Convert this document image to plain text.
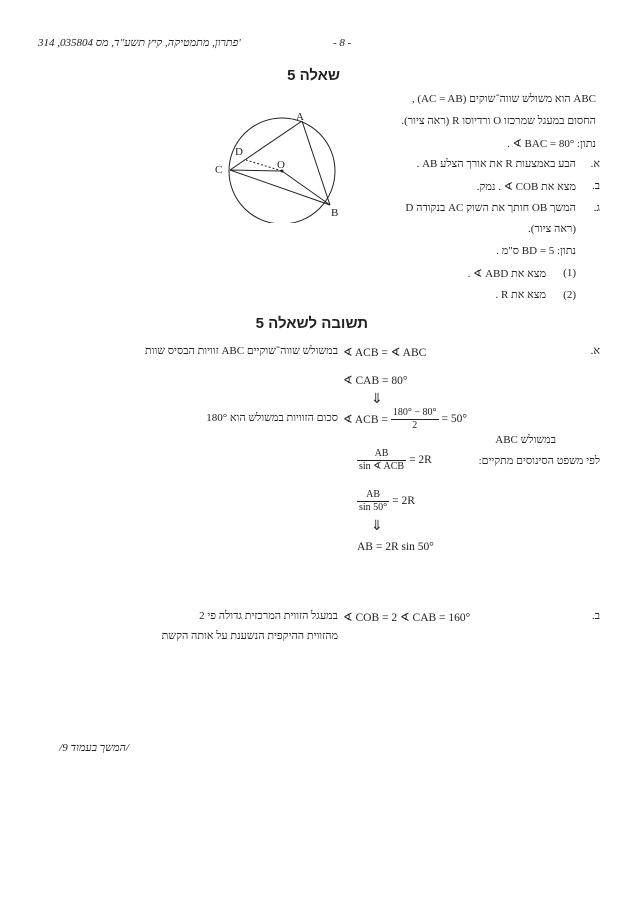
314 ,035804 פתרון, מתמטיקה, קיץ תשע"ד, מס'	- 8 -
שאלה 5
ABC הוא משולש שווה־שוקים (AC = AB) ,
החסום במעגל שמרכזו O ורדיוסו R (ראה ציור).
נתון: BAC = 80° ∢ .
א.
הבע באמצעות R את אורך הצלע AB .
ב.
מצא את COB ∢ . נמק.
ג.
המשך OB חותך את השוק AC בנקודה D
(ראה ציור).
נתון: BD = 5 ס"מ .
(1)
מצא את ABD ∢ .
(2)
מצא את R .
A
B
C
D
O
תשובה לשאלה 5
א.
∢ ACB = ∢ ABC
במשולש שווה־שוקיים ABC זוויות הבסיס שוות
∢ CAB = 80°
⇓
∢ ACB = $\frac{180^\circ - 80^\circ}{2} = 50^\circ$
סכום הזוויות במשולש הוא 180°
במשולש ABC
$\frac{AB}{\text{sin ∢ ACB}} = 2R$	לפי משפט הסינוסים מתקיים:
$\frac{AB}{\sin 50^\circ} = 2R$
⇓
AB = 2R sin 50°
ב.
∢ COB = 2 ∢ CAB = 160°
במעגל הזווית המרכזית גדולה פי 2
מהזווית ההיקפית הנשענת על אותה הקשת
/המשך בעמוד 9/
